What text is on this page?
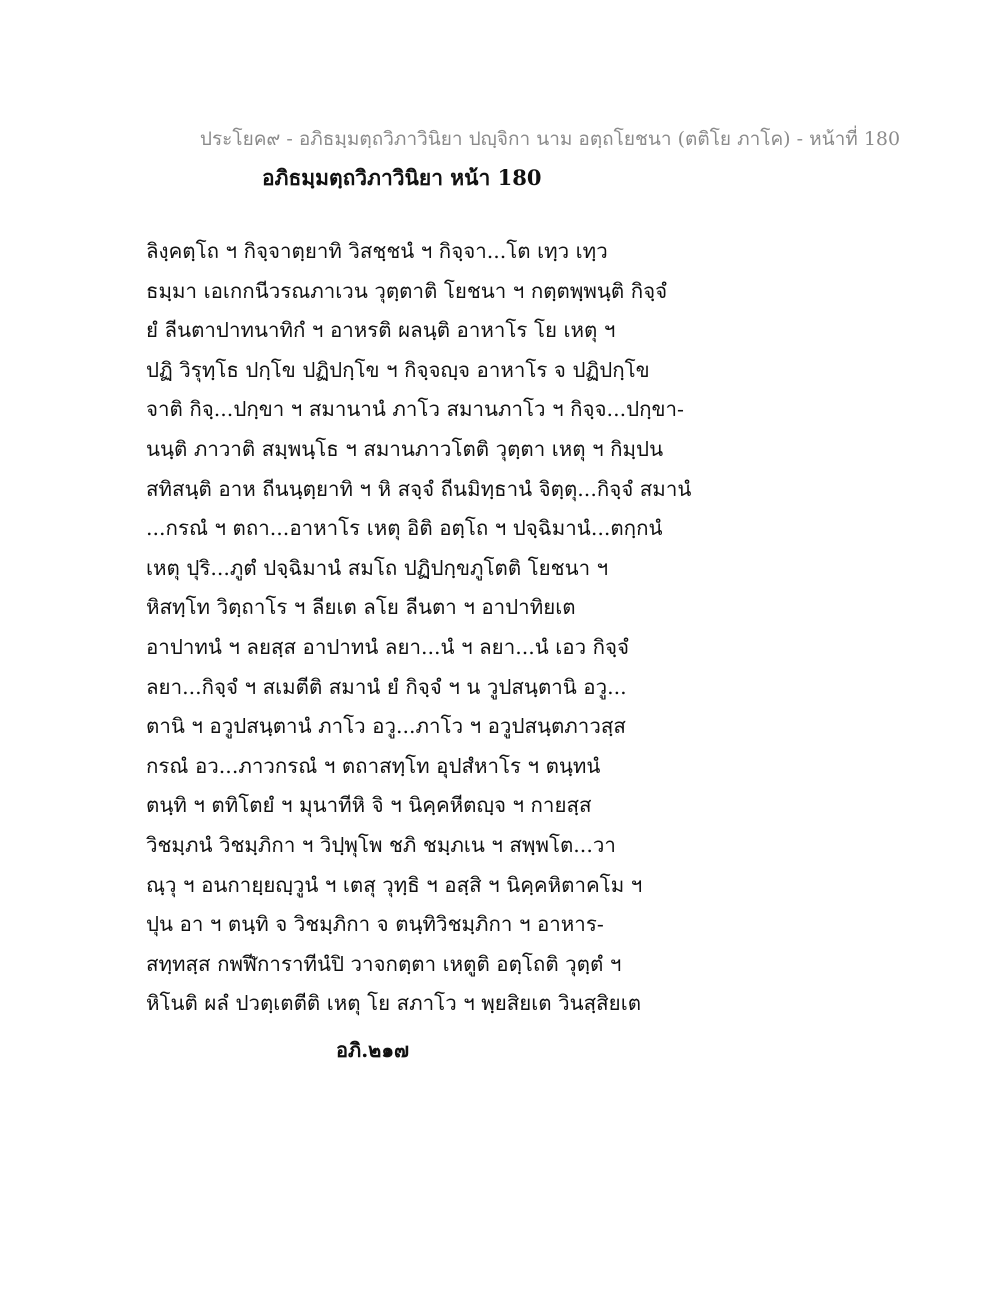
ประโยค๙ - อภิธมฺมตฺถวิภาวินิยา ปญฺจิกา นาม อตฺถโยชนา (ตติโย ภาโค) - หน้าที่ 180
อภิธมฺมตฺถวิภาวินิยา หน้า 180
ลิงฺคตฺโถ ฯ กิจฺจาตฺยาทิ วิสชฺชนํ ฯ กิจฺจา...โต เทฺว เทฺว
ธมฺมา เอเกกนีวรณภาเวน วุตฺตาติ โยชนา ฯ กตฺตพฺพนฺติ กิจฺจํ
ยํ ลีนตาปาทนาทิกํ ฯ อาหรติ ผลนฺติ อาหาโร โย เหตุ ฯ
ปฏิ วิรุทฺโธ ปกฺโข ปฏิปกฺโข ฯ กิจฺจญฺจ อาหาโร จ ปฏิปกฺโข
จาติ กิจฺ...ปกฺขา ฯ สมานานํ ภาโว สมานภาโว ฯ กิจฺจ...ปกฺขา-
นนฺติ ภาวาติ สมฺพนฺโธ ฯ สมานภาวโตติ วุตฺตา เหตุ ฯ กิมฺปน
สทิสนฺติ อาห ถีนนฺตฺยาทิ ฯ หิ สจฺจํ ถีนมิทฺธานํ จิตฺตุ...กิจฺจํ สมานํ
...กรณํ ฯ ตถา...อาหาโร เหตุ อิติ อตฺโถ ฯ ปจฺฉิมานํ...ตกฺกนํ
เหตุ ปุริ...ภูตํ ปจฺฉิมานํ สมโถ ปฏิปกฺขภูโตติ โยชนา ฯ
หิสทฺโท วิตฺถาโร ฯ ลียเต ลโย ลีนตา ฯ อาปาทิยเต
อาปาทนํ ฯ ลยสฺส อาปาทนํ ลยา...นํ ฯ ลยา...นํ เอว กิจฺจํ
ลยา...กิจฺจํ ฯ สเมตีติ สมานํ ยํ กิจฺจํ ฯ น วูปสนฺตานิ อวู...
ตานิ ฯ อวูปสนฺตานํ ภาโว อวู...ภาโว ฯ อวูปสนฺตภาวสฺส
กรณํ อว...ภาวกรณํ ฯ ตถาสทฺโท อุปสํหาโร ฯ ตนฺทนํ
ตนฺทิ ฯ ตทิโตยํ ฯ มุนาทีหิ จิ ฯ นิคฺคหีตญฺจ ฯ กายสฺส
วิชมฺภนํ วิชมฺภิกา ฯ วิปฺพุโพ ชภิ ชมฺภเน ฯ สพฺพโต...วา
ณฺวุ ฯ อนกายฺยญฺวูนํ ฯ เตสุ วุทฺธิ ฯ อสฺสิ ฯ นิคฺคหิตาคโม ฯ
ปุน อา ฯ ตนฺทิ จ วิชมฺภิกา จ ตนฺทิวิชมฺภิกา ฯ อาหาร-
สทฺทสฺส กพฬีการาทีนํปิ วาจกตฺตา เหตูติ อตฺโถติ วุตฺตํ ฯ
หิโนติ ผลํ ปวตฺเตตีติ เหตุ โย สภาโว ฯ พฺยสิยเต วินสฺสิยเต
อภิ.๒๑๗
